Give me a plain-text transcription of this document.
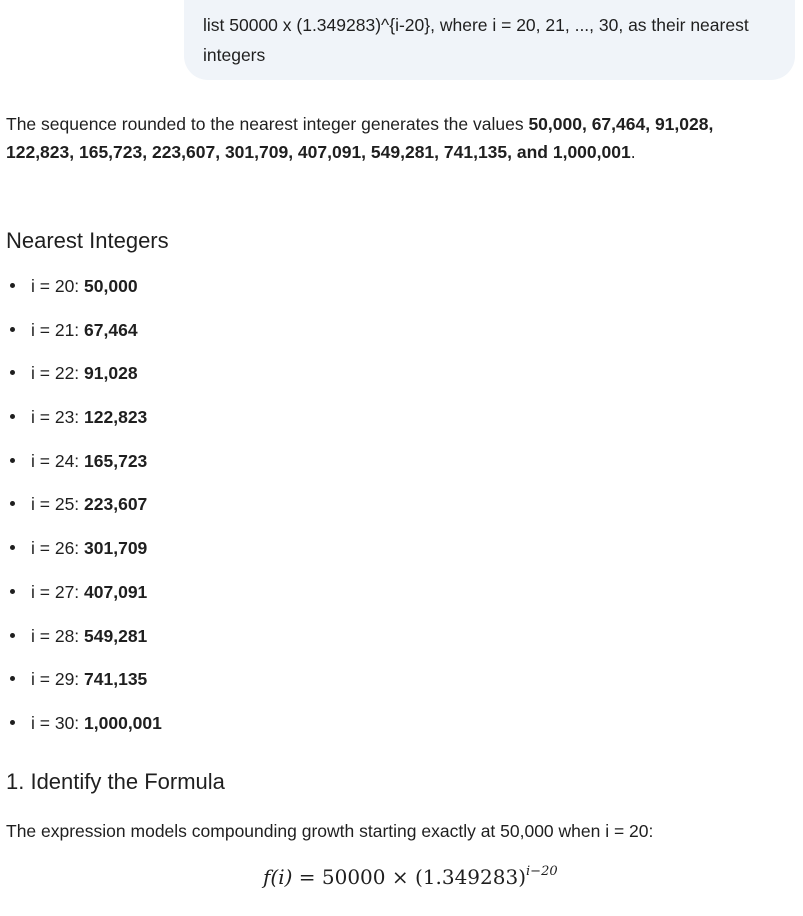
list 50000 x (1.349283)^{i-20}, where i = 20, 21, ..., 30, as their nearest integers

The sequence rounded to the nearest integer generates the values 50,000, 67,464, 91,028, 122,823, 165,723, 223,607, 301,709, 407,091, 549,281, 741,135, and 1,000,001.

Nearest Integers
i = 20: 50,000
i = 21: 67,464
i = 22: 91,028
i = 23: 122,823
i = 24: 165,723
i = 25: 223,607
i = 26: 301,709
i = 27: 407,091
i = 28: 549,281
i = 29: 741,135
i = 30: 1,000,001
1. Identify the Formula

The expression models compounding growth starting exactly at 50,000 when i = 20:

$f(i) = 50000 \times (1.349283)^{i-20}$
